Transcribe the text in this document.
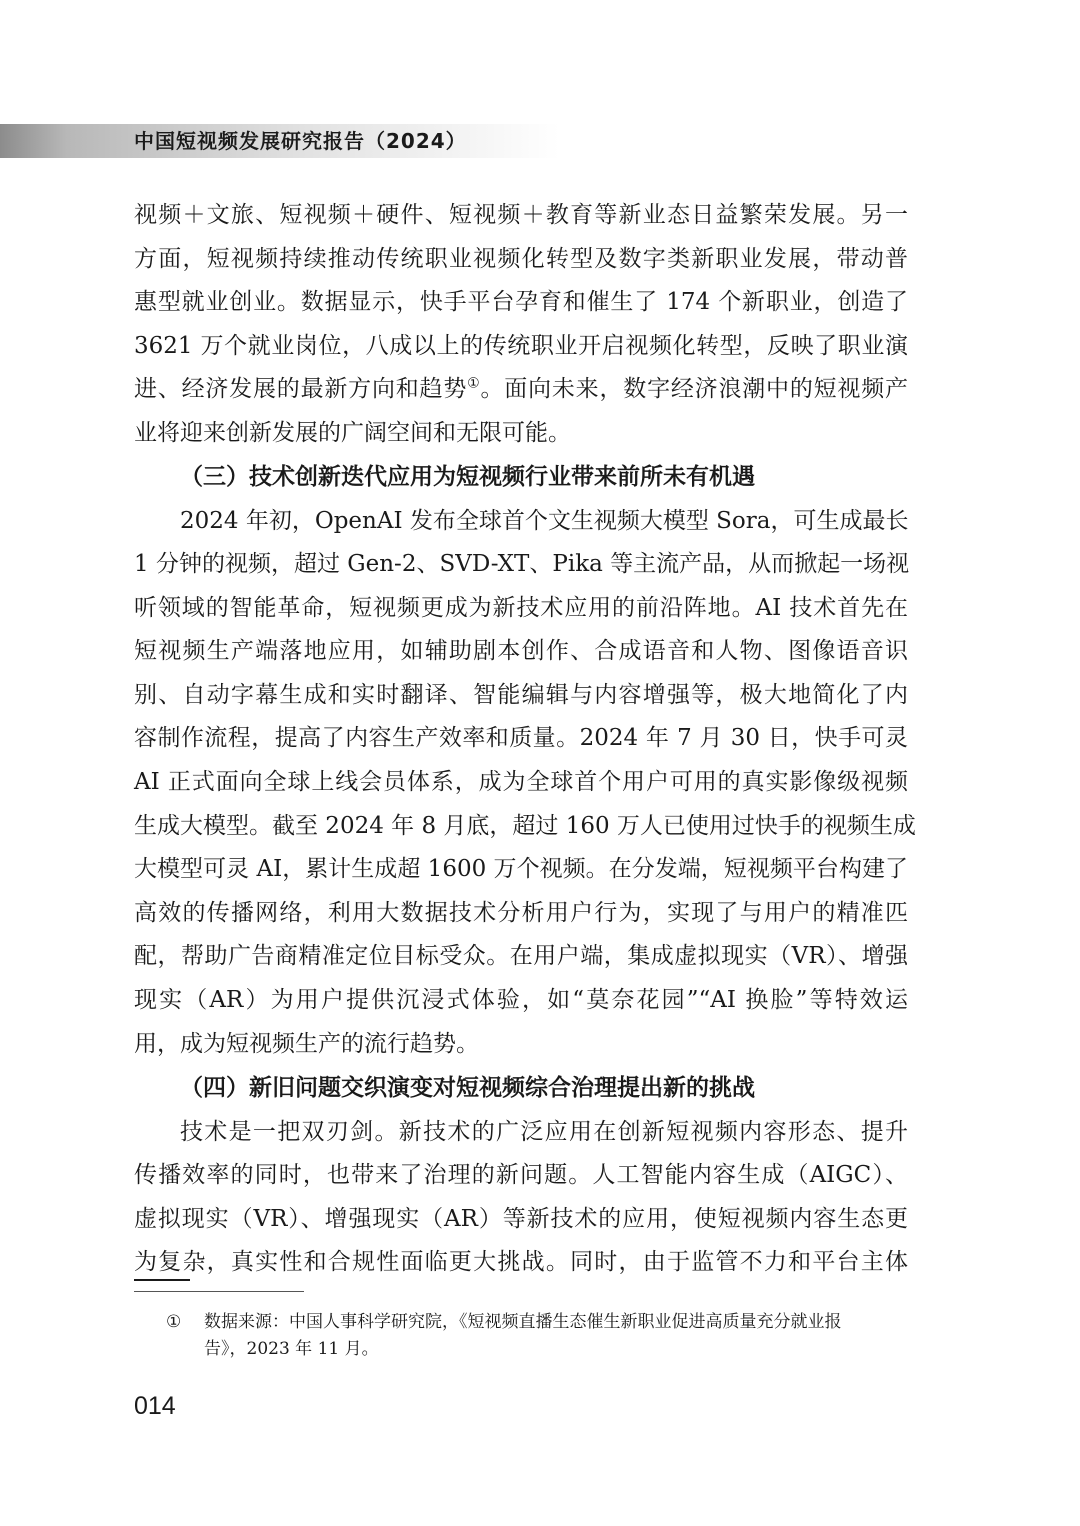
中国短视频发展研究报告（2024）
视频＋文旅、短视频＋硬件、短视频＋教育等新业态日益繁荣发展。另一
方面，短视频持续推动传统职业视频化转型及数字类新职业发展，带动普
惠型就业创业。数据显示，快手平台孕育和催生了 174 个新职业，创造了
3621 万个就业岗位，八成以上的传统职业开启视频化转型，反映了职业演
进、经济发展的最新方向和趋势①。面向未来，数字经济浪潮中的短视频产
业将迎来创新发展的广阔空间和无限可能。
（三）技术创新迭代应用为短视频行业带来前所未有机遇
2024 年初，OpenAI 发布全球首个文生视频大模型 Sora，可生成最长
1 分钟的视频，超过 Gen-2、SVD-XT、Pika 等主流产品，从而掀起一场视
听领域的智能革命，短视频更成为新技术应用的前沿阵地。AI 技术首先在
短视频生产端落地应用，如辅助剧本创作、合成语音和人物、图像语音识
别、自动字幕生成和实时翻译、智能编辑与内容增强等，极大地简化了内
容制作流程，提高了内容生产效率和质量。2024 年 7 月 30 日，快手可灵
AI 正式面向全球上线会员体系，成为全球首个用户可用的真实影像级视频
生成大模型。截至 2024 年 8 月底，超过 160 万人已使用过快手的视频生成
大模型可灵 AI，累计生成超 1600 万个视频。在分发端，短视频平台构建了
高效的传播网络，利用大数据技术分析用户行为，实现了与用户的精准匹
配，帮助广告商精准定位目标受众。在用户端，集成虚拟现实（VR）、增强
现实（AR）为用户提供沉浸式体验，如“莫奈花园”“AI 换脸”等特效运
用，成为短视频生产的流行趋势。
（四）新旧问题交织演变对短视频综合治理提出新的挑战
技术是一把双刃剑。新技术的广泛应用在创新短视频内容形态、提升
传播效率的同时，也带来了治理的新问题。人工智能内容生成（AIGC）、
虚拟现实（VR）、增强现实（AR）等新技术的应用，使短视频内容生态更
为复杂，真实性和合规性面临更大挑战。同时，由于监管不力和平台主体
① 数据来源：中国人事科学研究院，《短视频直播生态催生新职业促进高质量充分就业报
告》，2023 年 11 月。
014
